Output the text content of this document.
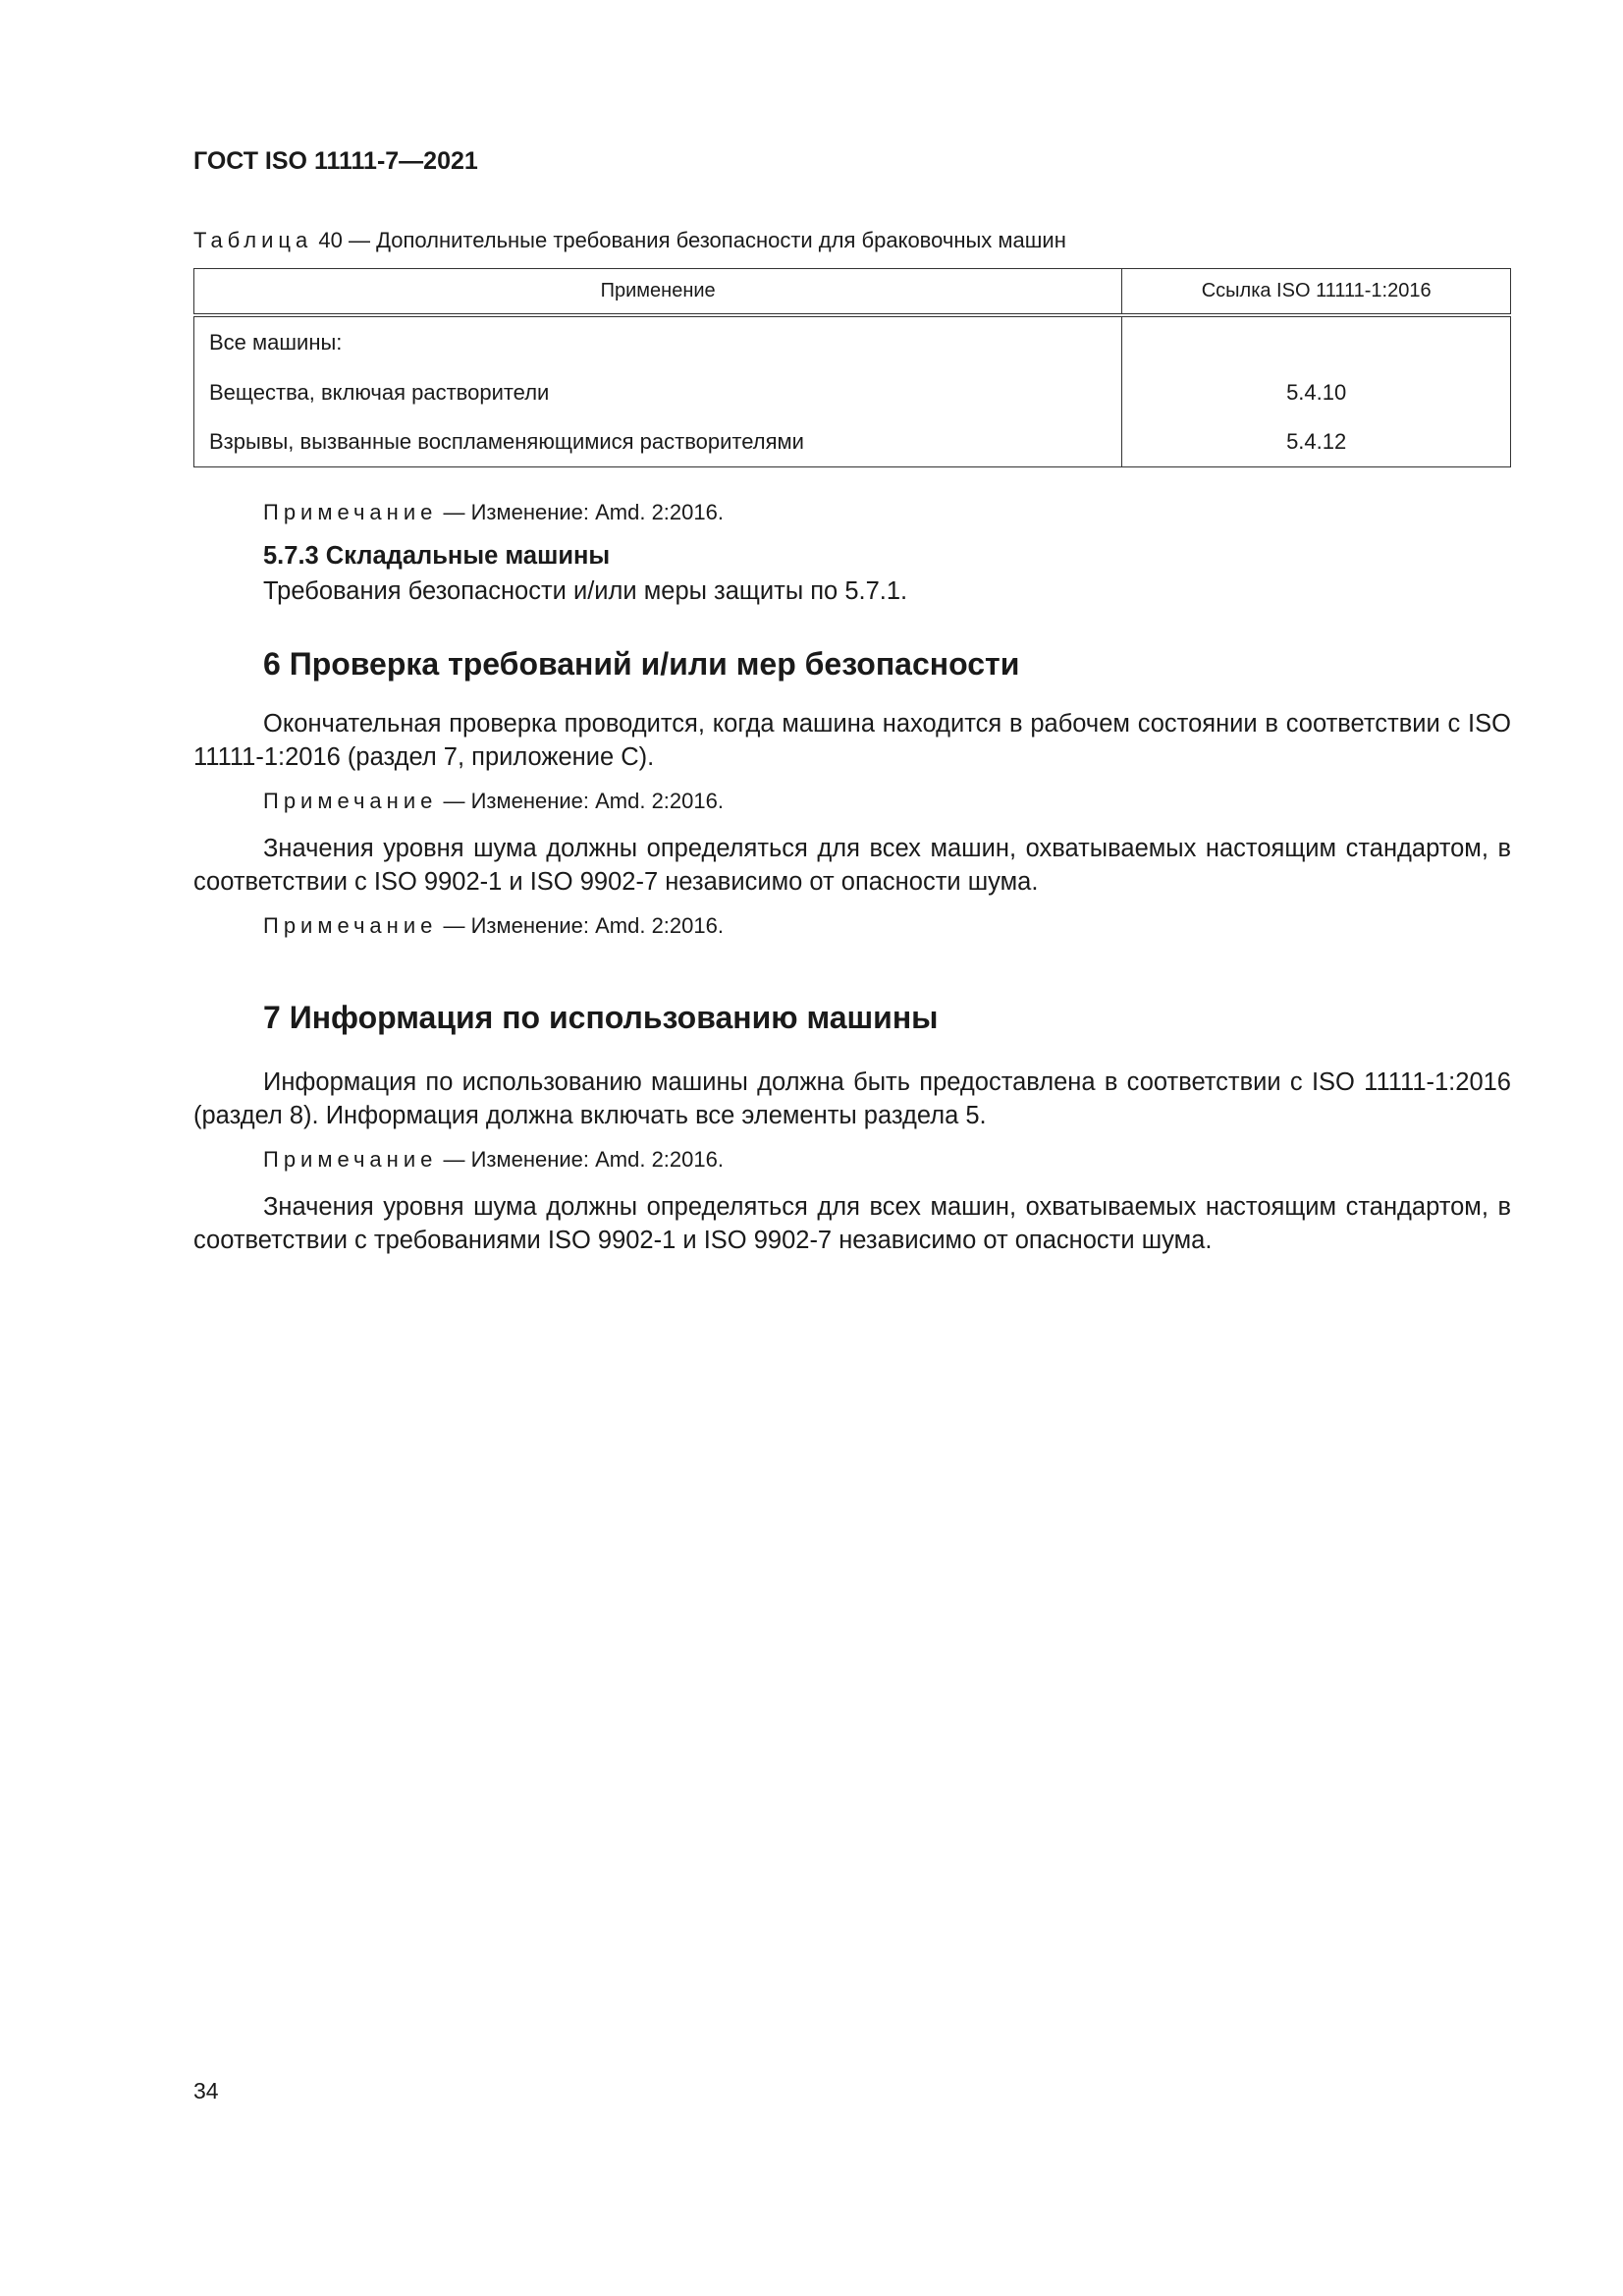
ГОСТ ISO 11111-7—2021

Таблица 40 — Дополнительные требования безопасности для браковочных машин

Применение	Ссылка ISO 11111-1:2016
Все машины:	
Вещества, включая растворители	5.4.10
Взрывы, вызванные воспламеняющимися растворителями	5.4.12

Примечание — Изменение: Amd. 2:2016.

5.7.3 Складальные машины

Требования безопасности и/или меры защиты по 5.7.1.

6 Проверка требований и/или мер безопасности

Окончательная проверка проводится, когда машина находится в рабочем состоянии в соответствии с ISO 11111-1:2016 (раздел 7, приложение С).

Примечание — Изменение: Amd. 2:2016.

Значения уровня шума должны определяться для всех машин, охватываемых настоящим стандартом, в соответствии с ISO 9902-1 и ISO 9902-7 независимо от опасности шума.

Примечание — Изменение: Amd. 2:2016.

7 Информация по использованию машины

Информация по использованию машины должна быть предоставлена в соответствии с ISO 11111-1:2016 (раздел 8). Информация должна включать все элементы раздела 5.

Примечание — Изменение: Amd. 2:2016.

Значения уровня шума должны определяться для всех машин, охватываемых настоящим стандартом, в соответствии с требованиями ISO 9902-1 и ISO 9902-7 независимо от опасности шума.

34
